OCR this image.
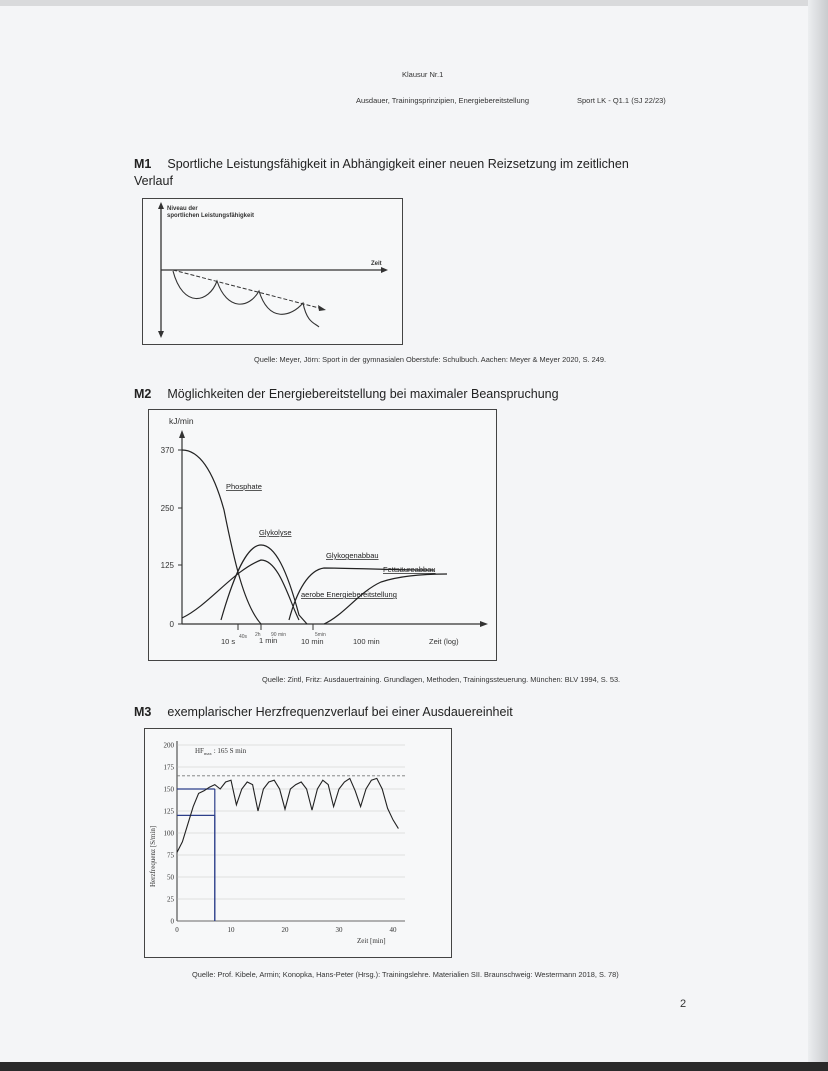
Klausur Nr.1
Ausdauer, Trainingsprinzipien, Energiebereitstellung	Sport LK - Q1.1 (SJ 22/23)
M1 Sportliche Leistungsfähigkeit in Abhängigkeit einer neuen Reizsetzung im zeitlichen
Verlauf
Niveau der
sportlichen Leistungsfähigkeit
Zeit
Quelle: Meyer, Jörn: Sport in der gymnasialen Oberstufe: Schulbuch. Aachen: Meyer & Meyer 2020, S. 249.
M2 Möglichkeiten der Energiebereitstellung bei maximaler Beanspruchung
kJ/min
370
250
125
0
10 s	1 min	10 min	100 min	Zeit (log)
40s 2h 90 min	5min
Phosphate
Glykolyse
Glykogenabbau
Fettsäureabbau
aerobe Energiebereitstellung
Quelle: Zintl, Fritz: Ausdauertraining. Grundlagen, Methoden, Trainingssteuerung. München: BLV 1994, S. 53.
M3 exemplarischer Herzfrequenzverlauf bei einer Ausdauereinheit
Herzfrequenz [S/min]
200
175
150
125
100
75
50
25
0
0	10	20	30	40
$HF_{max}$ : 165 S min
Zeit [min]
Quelle: Prof. Kibele, Armin; Konopka, Hans-Peter (Hrsg.): Trainingslehre. Materialien SII. Braunschweig: Westermann 2018, S. 78)
2
